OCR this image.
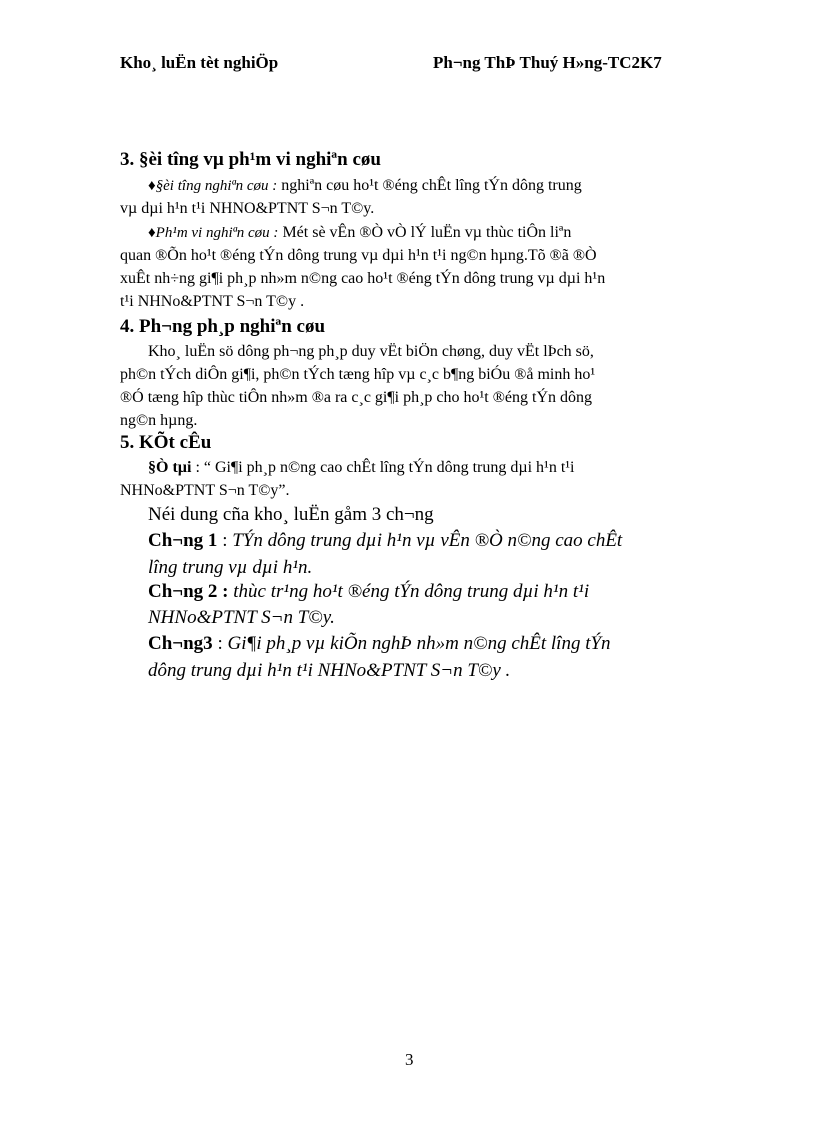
Kho¸ luËn tèt nghiÖp	Ph¬ng ThÞ Thuý H»ng-TC2K7
3. §èi tîng vµ ph¹m vi nghiªn cøu
♦§èi tîng nghiªn cøu : nghiªn cøu ho¹t ®éng chÊt lîng tÝn dông trung
vµ dµi h¹n t¹i NHNO&PTNT S¬n T©y.
♦Ph¹m vi nghiªn cøu : Mét sè vÊn ®Ò vÒ lÝ luËn vµ thùc tiÔn liªn
quan ®Õn ho¹t ®éng tÝn dông trung vµ dµi h¹n t¹i ng©n hµng.Tõ ®ã ®Ò
xuÊt nh÷ng gi¶i ph¸p nh»m n©ng cao ho¹t ®éng tÝn dông trung vµ dµi h¹n
t¹i NHNo&PTNT S¬n T©y .
4. Ph¬ng ph¸p nghiªn cøu
Kho¸ luËn sö dông ph¬ng ph¸p duy vËt biÖn chøng, duy vËt lÞch sö,
ph©n tÝch diÔn gi¶i, ph©n tÝch tæng hîp vµ c¸c b¶ng biÓu ®å minh ho¹
®Ó tæng hîp thùc tiÔn nh»m ®a ra c¸c gi¶i ph¸p cho ho¹t ®éng tÝn dông
ng©n hµng.
5. KÕt cÊu
§Ò tµi : “ Gi¶i ph¸p n©ng cao chÊt lîng tÝn dông trung dµi h¹n t¹i
NHNo&PTNT S¬n T©y”.
Néi dung cña kho¸ luËn gåm 3 ch¬ng
Ch¬ng 1 : TÝn dông trung dµi h¹n vµ vÊn ®Ò n©ng cao chÊt
lîng trung vµ dµi h¹n.
Ch¬ng 2 : thùc tr¹ng ho¹t ®éng tÝn dông trung dµi h¹n t¹i
NHNo&PTNT S¬n T©y.
Ch¬ng3 : Gi¶i ph¸p vµ kiÕn nghÞ nh»m n©ng chÊt lîng tÝn
dông trung dµi h¹n t¹i NHNo&PTNT S¬n T©y .
3
